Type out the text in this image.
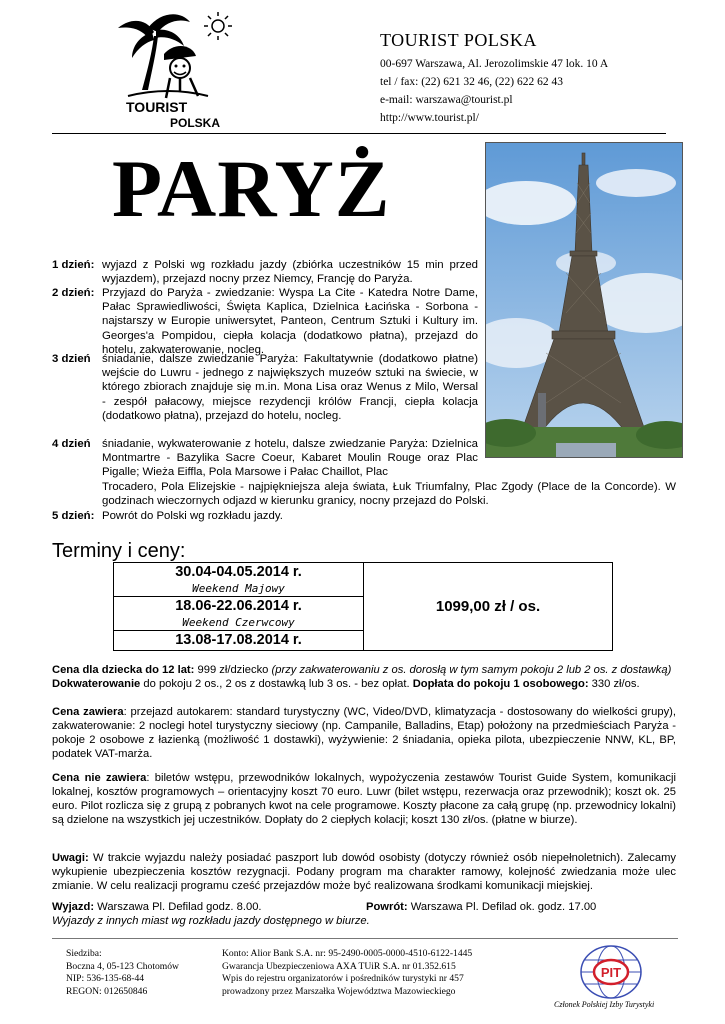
TOURIST
POLSKA
TOURIST POLSKA
00-697 Warszawa, Al. Jerozolimskie 47 lok. 10 A
tel / fax: (22) 621 32 46, (22) 622 62 43
e-mail: warszawa@tourist.pl
http://www.tourist.pl/
PARYŻ
1 dzień: wyjazd z Polski wg rozkładu jazdy (zbiórka uczestników 15 min przed wyjazdem), przejazd nocny przez Niemcy, Francję do Paryża.
2 dzień: Przyjazd do Paryża - zwiedzanie: Wyspa La Cite - Katedra Notre Dame, Pałac Sprawiedliwości, Święta Kaplica, Dzielnica Łacińska - Sorbona - najstarszy w Europie uniwersytet, Panteon, Centrum Sztuki i Kultury im. Georges'a Pompidou, ciepła kolacja (dodatkowo płatna), przejazd do hotelu, zakwaterowanie, nocleg.
3 dzień śniadanie, dalsze zwiedzanie Paryża: Fakultatywnie (dodatkowo płatne) wejście do Luwru - jednego z największych muzeów sztuki na świecie, w którego zbiorach znajduje się m.in. Mona Lisa oraz Wenus z Milo, Wersal - zespół pałacowy, miejsce rezydencji królów Francji, ciepła kolacja (dodatkowo płatna), przejazd do hotelu, nocleg.
4 dzień śniadanie, wykwaterowanie z hotelu, dalsze zwiedzanie Paryża: Dzielnica Montmartre - Bazylika Sacre Coeur, Kabaret Moulin Rouge oraz Plac Pigalle; Wieża Eiffla, Pola Marsowe i Pałac Chaillot, Plac
Trocadero, Pola Elizejskie - najpiękniejsza aleja świata, Łuk Triumfalny, Plac Zgody (Place de la Concorde). W godzinach wieczornych odjazd w kierunku granicy, nocny przejazd do Polski.
5 dzień: Powrót do Polski wg rozkładu jazdy.
Terminy i ceny:
30.04-04.05.2014 r.	1099,00 zł / os.
Weekend Majowy
18.06-22.06.2014 r.
Weekend Czerwcowy
13.08-17.08.2014 r.
Cena dla dziecka do 12 lat: 999 zł/dziecko (przy zakwaterowaniu z os. dorosłą w tym samym pokoju 2 lub 2 os. z dostawką)
Dokwaterowanie do pokoju 2 os., 2 os z dostawką lub 3 os. - bez opłat. Dopłata do pokoju 1 osobowego: 330 zł/os.
Cena zawiera: przejazd autokarem: standard turystyczny (WC, Video/DVD, klimatyzacja - dostosowany do wielkości grupy), zakwaterowanie: 2 noclegi hotel turystyczny sieciowy (np. Campanile, Balladins, Etap) położony na przedmieściach Paryża - pokoje 2 osobowe z łazienką (możliwość 1 dostawki), wyżywienie: 2 śniadania, opieka pilota, ubezpieczenie NNW, KL, BP, podatek VAT-marża.
Cena nie zawiera: biletów wstępu, przewodników lokalnych, wypożyczenia zestawów Tourist Guide System, komunikacji lokalnej, kosztów programowych – orientacyjny koszt 70 euro. Luwr (bilet wstępu, rezerwacja oraz przewodnik); koszt ok. 25 euro. Pilot rozlicza się z grupą z pobranych kwot na cele programowe. Koszty płacone za całą grupę (np. przewodnicy lokalni) są dzielone na wszystkich jej uczestników. Dopłaty do 2 ciepłych kolacji; koszt 130 zł/os. (płatne w biurze).
Uwagi: W trakcie wyjazdu należy posiadać paszport lub dowód osobisty (dotyczy również osób niepełnoletnich). Zalecamy wykupienie ubezpieczenia kosztów rezygnacji. Podany program ma charakter ramowy, kolejność zwiedzania może ulec zmianie. W celu realizacji programu cześć przejazdów może być realizowana środkami komunikacji miejskiej.
Wyjazd: Warszawa Pl. Defilad godz. 8.00.	Powrót: Warszawa Pl. Defilad ok. godz. 17.00
Wyjazdy z innych miast wg rozkładu jazdy dostępnego w biurze.
Siedziba:
Boczna 4, 05-123 Chotomów
NIP: 536-135-68-44
REGON: 012650846
Konto: Alior Bank S.A. nr: 95-2490-0005-0000-4510-6122-1445
Gwarancja Ubezpieczeniowa AXA TUiR S.A. nr 01.352.615
Wpis do rejestru organizatorów i pośredników turystyki nr 457
prowadzony przez Marszałka Województwa Mazowieckiego
PIT
Członek Polskiej Izby Turystyki
